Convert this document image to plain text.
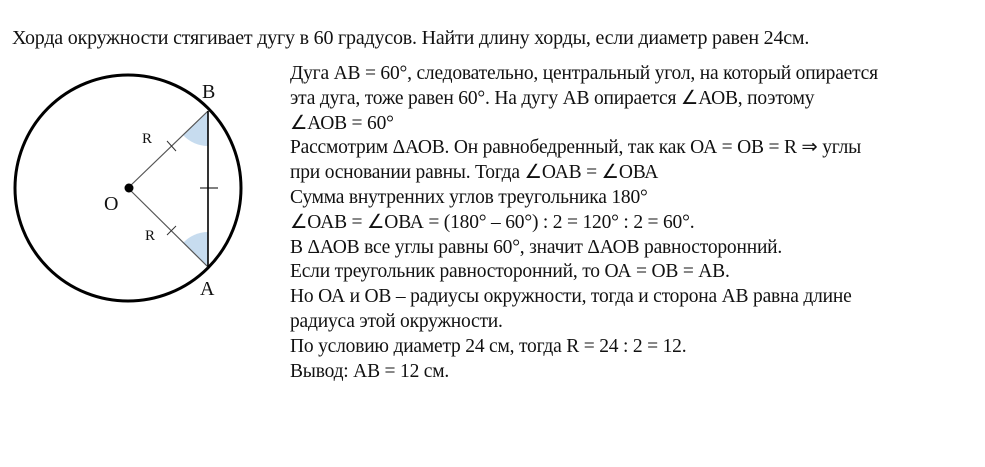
Хорда окружности стягивает дугу в 60 градусов. Найти длину хорды, если диаметр равен 24см.
O
B
A
R
R
Дуга АВ = 60°, следовательно, центральный угол, на который опирается
эта дуга, тоже равен 60°. На дугу АВ опирается ∠АОВ, поэтому
∠АОВ = 60°
Рассмотрим ΔАОВ. Он равнобедренный, так как ОА = ОВ = R ⇒ углы
при основании равны. Тогда ∠ОАВ = ∠ОВА
Сумма внутренних углов треугольника 180°
∠ОАВ = ∠ОВА = (180° – 60°) : 2 = 120° : 2 = 60°.
В ΔАОВ все углы равны 60°, значит ΔАОВ равносторонний.
Если треугольник равносторонний, то ОА = ОВ = АВ.
Но ОА и ОВ – радиусы окружности, тогда и сторона АВ равна длине
радиуса этой окружности.
По условию диаметр 24 см, тогда R = 24 : 2 = 12.
Вывод: АВ = 12 см.
